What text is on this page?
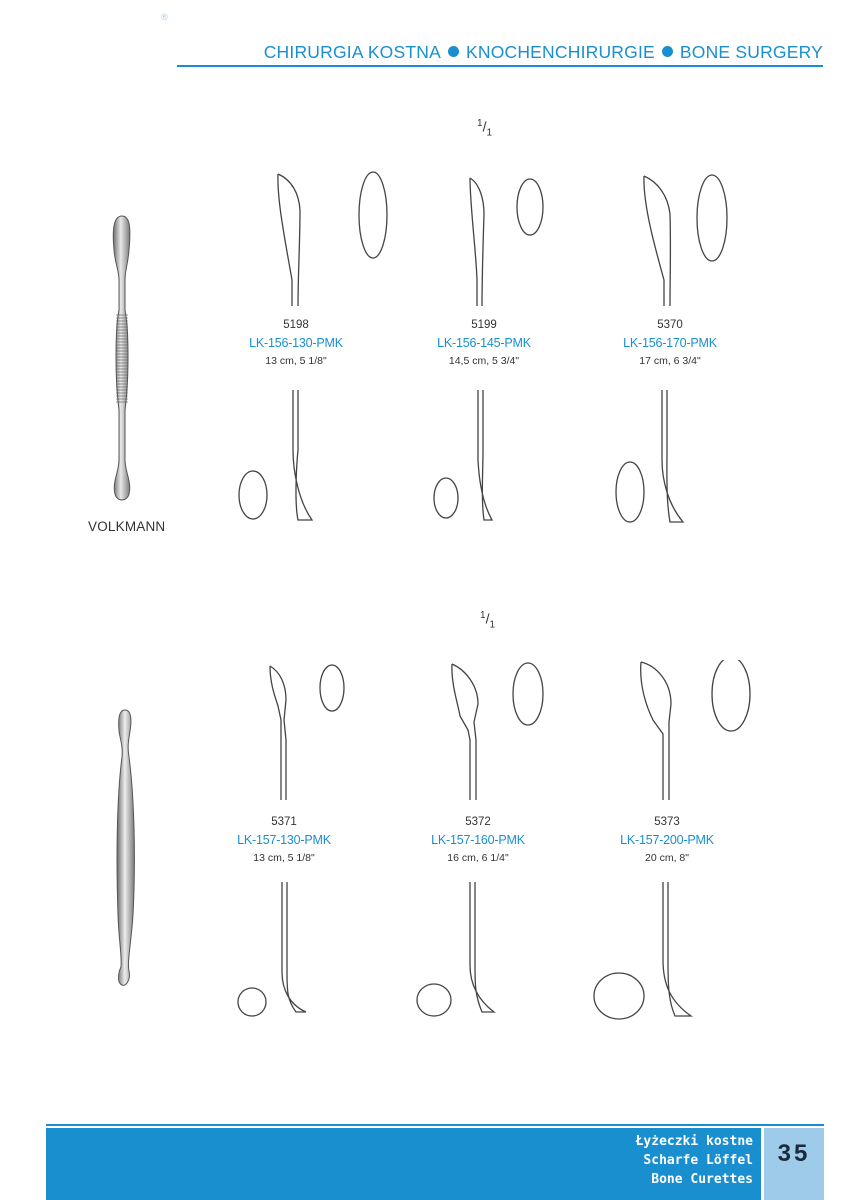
®
CHIRURGIA KOSTNA KNOCHENCHIRURGIE BONE SURGERY
$^1/_1$
VOLKMANN
5198
LK-156-130-PMK
13 cm, 5 1/8"
5199
LK-156-145-PMK
14,5 cm, 5 3/4"
5370
LK-156-170-PMK
17 cm, 6 3/4"
$^1/_1$
5371
LK-157-130-PMK
13 cm, 5 1/8"
5372
LK-157-160-PMK
16 cm, 6 1/4"
5373
LK-157-200-PMK
20 cm, 8"
Łyżeczki kostne
Scharfe Löffel
Bone Curettes
35
